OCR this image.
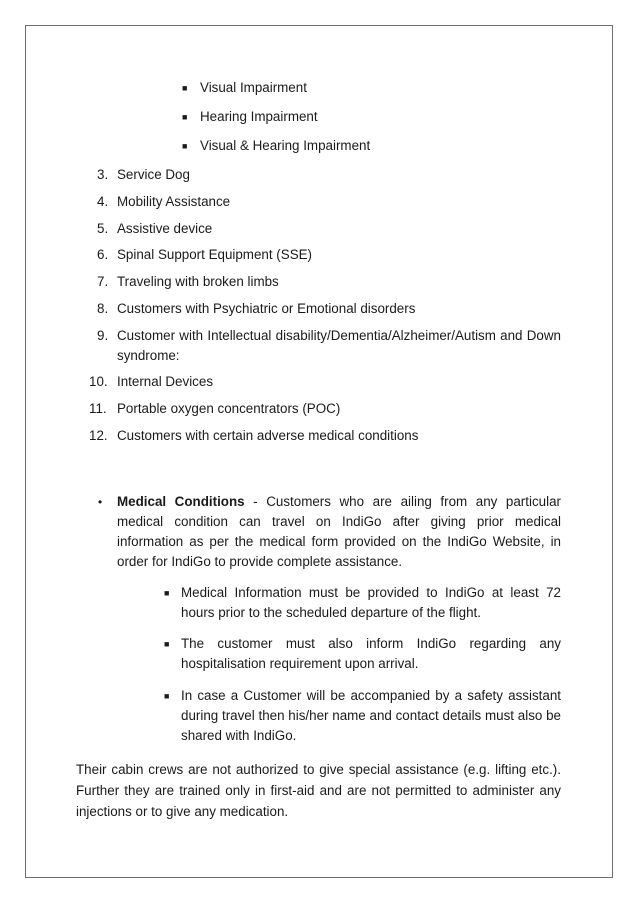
■ Visual Impairment
■ Hearing Impairment
■ Visual & Hearing Impairment
3. Service Dog
4. Mobility Assistance
5. Assistive device
6. Spinal Support Equipment (SSE)
7. Traveling with broken limbs
8. Customers with Psychiatric or Emotional disorders
9. Customer with Intellectual disability/Dementia/Alzheimer/Autism and Down syndrome:
10. Internal Devices
11. Portable oxygen concentrators (POC)
12. Customers with certain adverse medical conditions
• Medical Conditions - Customers who are ailing from any particular medical condition can travel on IndiGo after giving prior medical information as per the medical form provided on the IndiGo Website, in order for IndiGo to provide complete assistance.
■ Medical Information must be provided to IndiGo at least 72 hours prior to the scheduled departure of the flight.
■ The customer must also inform IndiGo regarding any hospitalisation requirement upon arrival.
■ In case a Customer will be accompanied by a safety assistant during travel then his/her name and contact details must also be shared with IndiGo.
Their cabin crews are not authorized to give special assistance (e.g. lifting etc.). Further they are trained only in first-aid and are not permitted to administer any injections or to give any medication.
